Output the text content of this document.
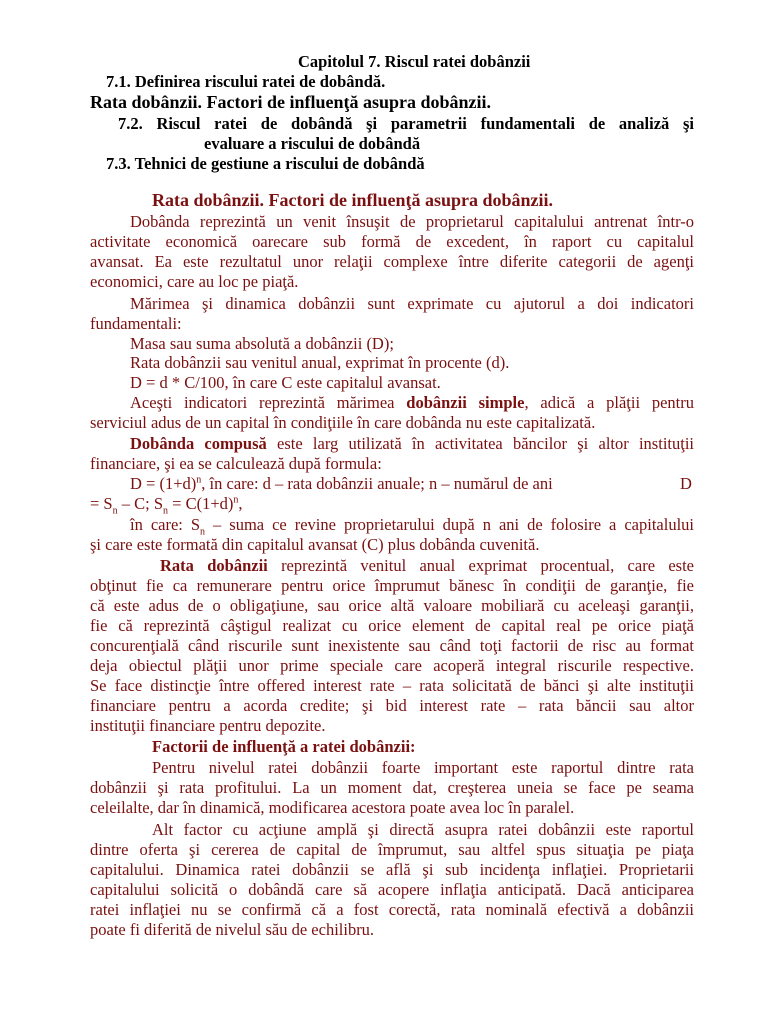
Capitolul 7. Riscul ratei dobânzii
7.1. Definirea riscului ratei de dobândă.
Rata dobânzii. Factori de influenţă asupra dobânzii.
7.2. Riscul ratei de dobândă şi parametrii fundamentali de analiză şi
evaluare a riscului de dobândă
7.3. Tehnici de gestiune a riscului de dobândă
Rata dobânzii. Factori de influenţă asupra dobânzii.
Dobânda reprezintă un venit însuşit de proprietarul capitalului antrenat într-o
activitate economică oarecare sub formă de excedent, în raport cu capitalul
avansat. Ea este rezultatul unor relaţii complexe între diferite categorii de agenţi
economici, care au loc pe piaţă.
Mărimea şi dinamica dobânzii sunt exprimate cu ajutorul a doi indicatori
fundamentali:
Masa sau suma absolută a dobânzii (D);
Rata dobânzii sau venitul anual, exprimat în procente (d).
D = d * C/100, în care C este capitalul avansat.
Aceşti indicatori reprezintă mărimea dobânzii simple, adică a plăţii pentru
serviciul adus de un capital în condiţiile în care dobânda nu este capitalizată.
Dobânda compusă este larg utilizată în activitatea băncilor şi altor instituţii
financiare, şi ea se calculează după formula:
$D = (1+d)^n$, în care: d – rata dobânzii anuale; n – numărul de ani	D
= $S_n$ – C; $S_n = C(1+d)^n$,
în care: $S_n$ – suma ce revine proprietarului după n ani de folosire a capitalului
şi care este formată din capitalul avansat (C) plus dobânda cuvenită.
Rata dobânzii reprezintă venitul anual exprimat procentual, care este
obţinut fie ca remunerare pentru orice împrumut bănesc în condiţii de garanţie, fie
că este adus de o obligaţiune, sau orice altă valoare mobiliară cu aceleaşi garanţii,
fie că reprezintă câştigul realizat cu orice element de capital real pe orice piaţă
concurenţială când riscurile sunt inexistente sau când toţi factorii de risc au format
deja obiectul plăţii unor prime speciale care acoperă integral riscurile respective.
Se face distincţie între offered interest rate – rata solicitată de bănci şi alte instituţii
financiare pentru a acorda credite; şi bid interest rate – rata băncii sau altor
instituţii financiare pentru depozite.
Factorii de influenţă a ratei dobânzii:
Pentru nivelul ratei dobânzii foarte important este raportul dintre rata
dobânzii şi rata profitului. La un moment dat, creşterea uneia se face pe seama
celeilalte, dar în dinamică, modificarea acestora poate avea loc în paralel.
Alt factor cu acţiune amplă şi directă asupra ratei dobânzii este raportul
dintre oferta şi cererea de capital de împrumut, sau altfel spus situaţia pe piaţa
capitalului. Dinamica ratei dobânzii se află şi sub incidenţa inflaţiei. Proprietarii
capitalului solicită o dobândă care să acopere inflaţia anticipată. Dacă anticiparea
ratei inflaţiei nu se confirmă că a fost corectă, rata nominală efectivă a dobânzii
poate fi diferită de nivelul său de echilibru.
